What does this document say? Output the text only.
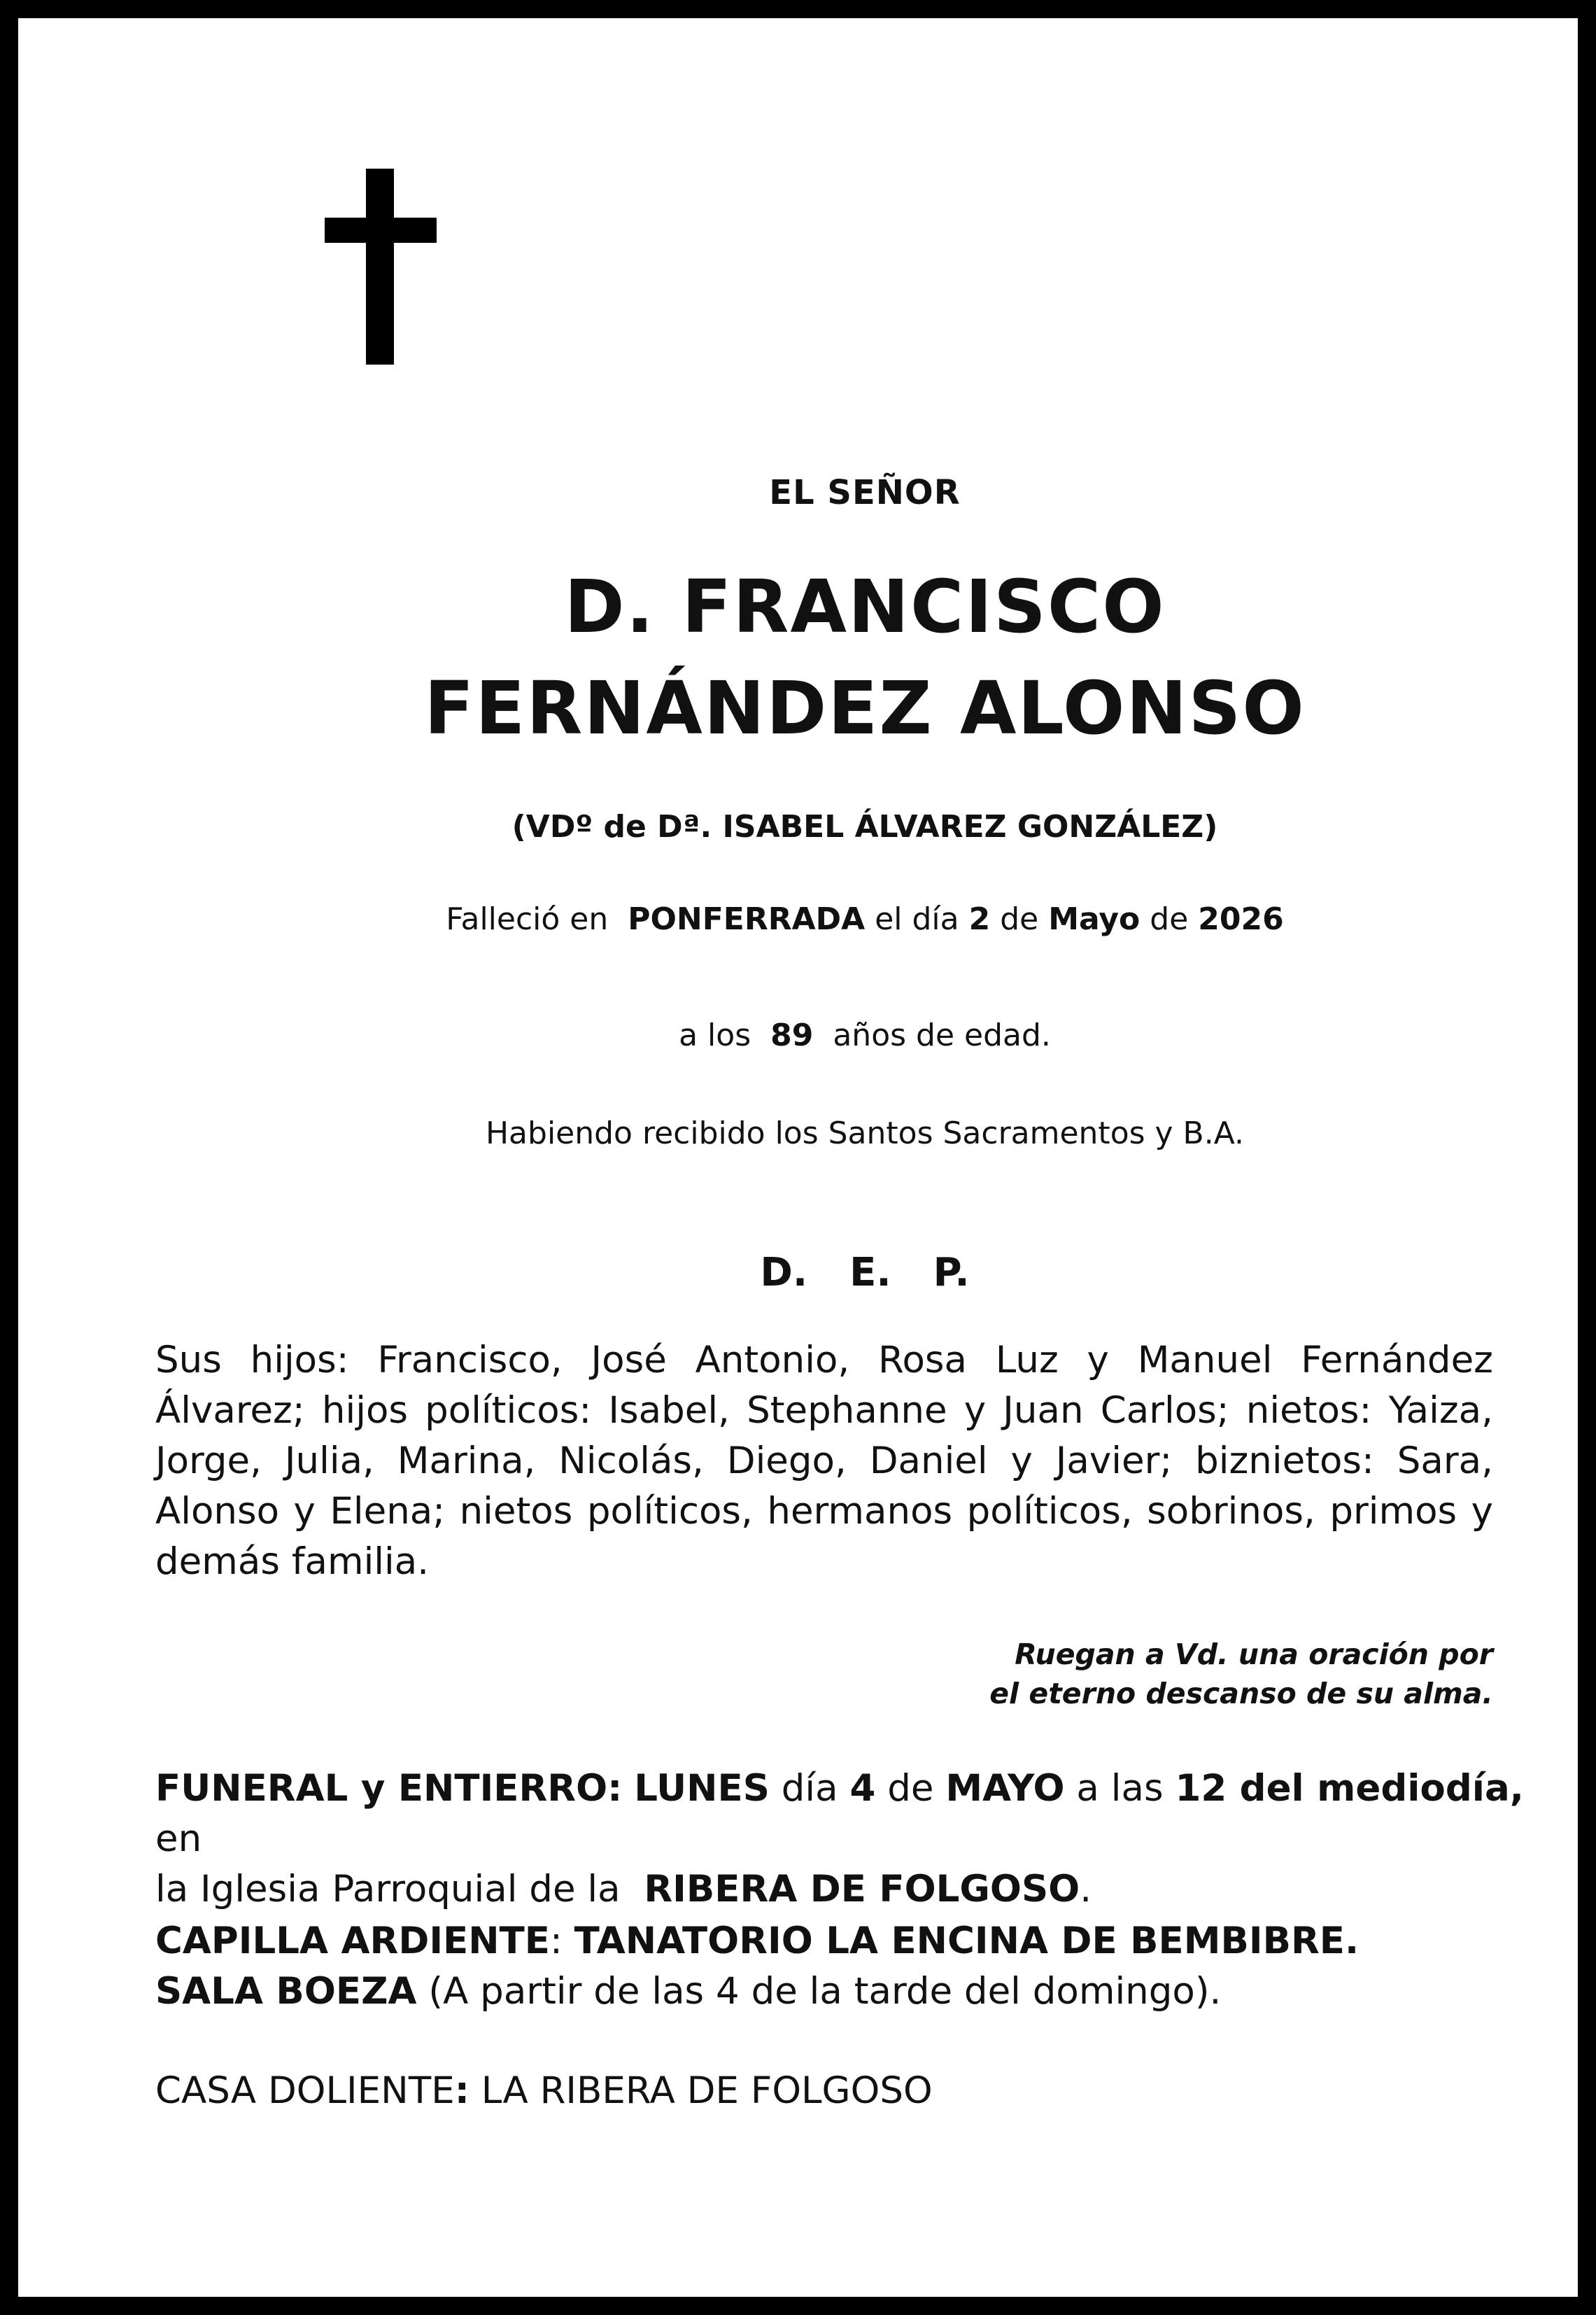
EL SEÑOR
D. FRANCISCO
FERNÁNDEZ ALONSO
(VDº de Dª. ISABEL ÁLVAREZ GONZÁLEZ)
Falleció en PONFERRADA el día 2 de Mayo de 2026
a los 89 años de edad.
Habiendo recibido los Santos Sacramentos y B.A.
D. E. P.
Sus hijos: Francisco, José Antonio, Rosa Luz y Manuel Fernández Álvarez; hijos políticos: Isabel, Stephanne y Juan Carlos; nietos: Yaiza, Jorge, Julia, Marina, Nicolás, Diego, Daniel y Javier; biznietos: Sara, Alonso y Elena; nietos políticos, hermanos políticos, sobrinos, primos y demás familia.
Ruegan a Vd. una oración por
el eterno descanso de su alma.
FUNERAL y ENTIERRO: LUNES día 4 de MAYO a las 12 del mediodía, en
la Iglesia Parroquial de la RIBERA DE FOLGOSO.
CAPILLA ARDIENTE: TANATORIO LA ENCINA DE BEMBIBRE.
SALA BOEZA (A partir de las 4 de la tarde del domingo).
CASA DOLIENTE: LA RIBERA DE FOLGOSO
